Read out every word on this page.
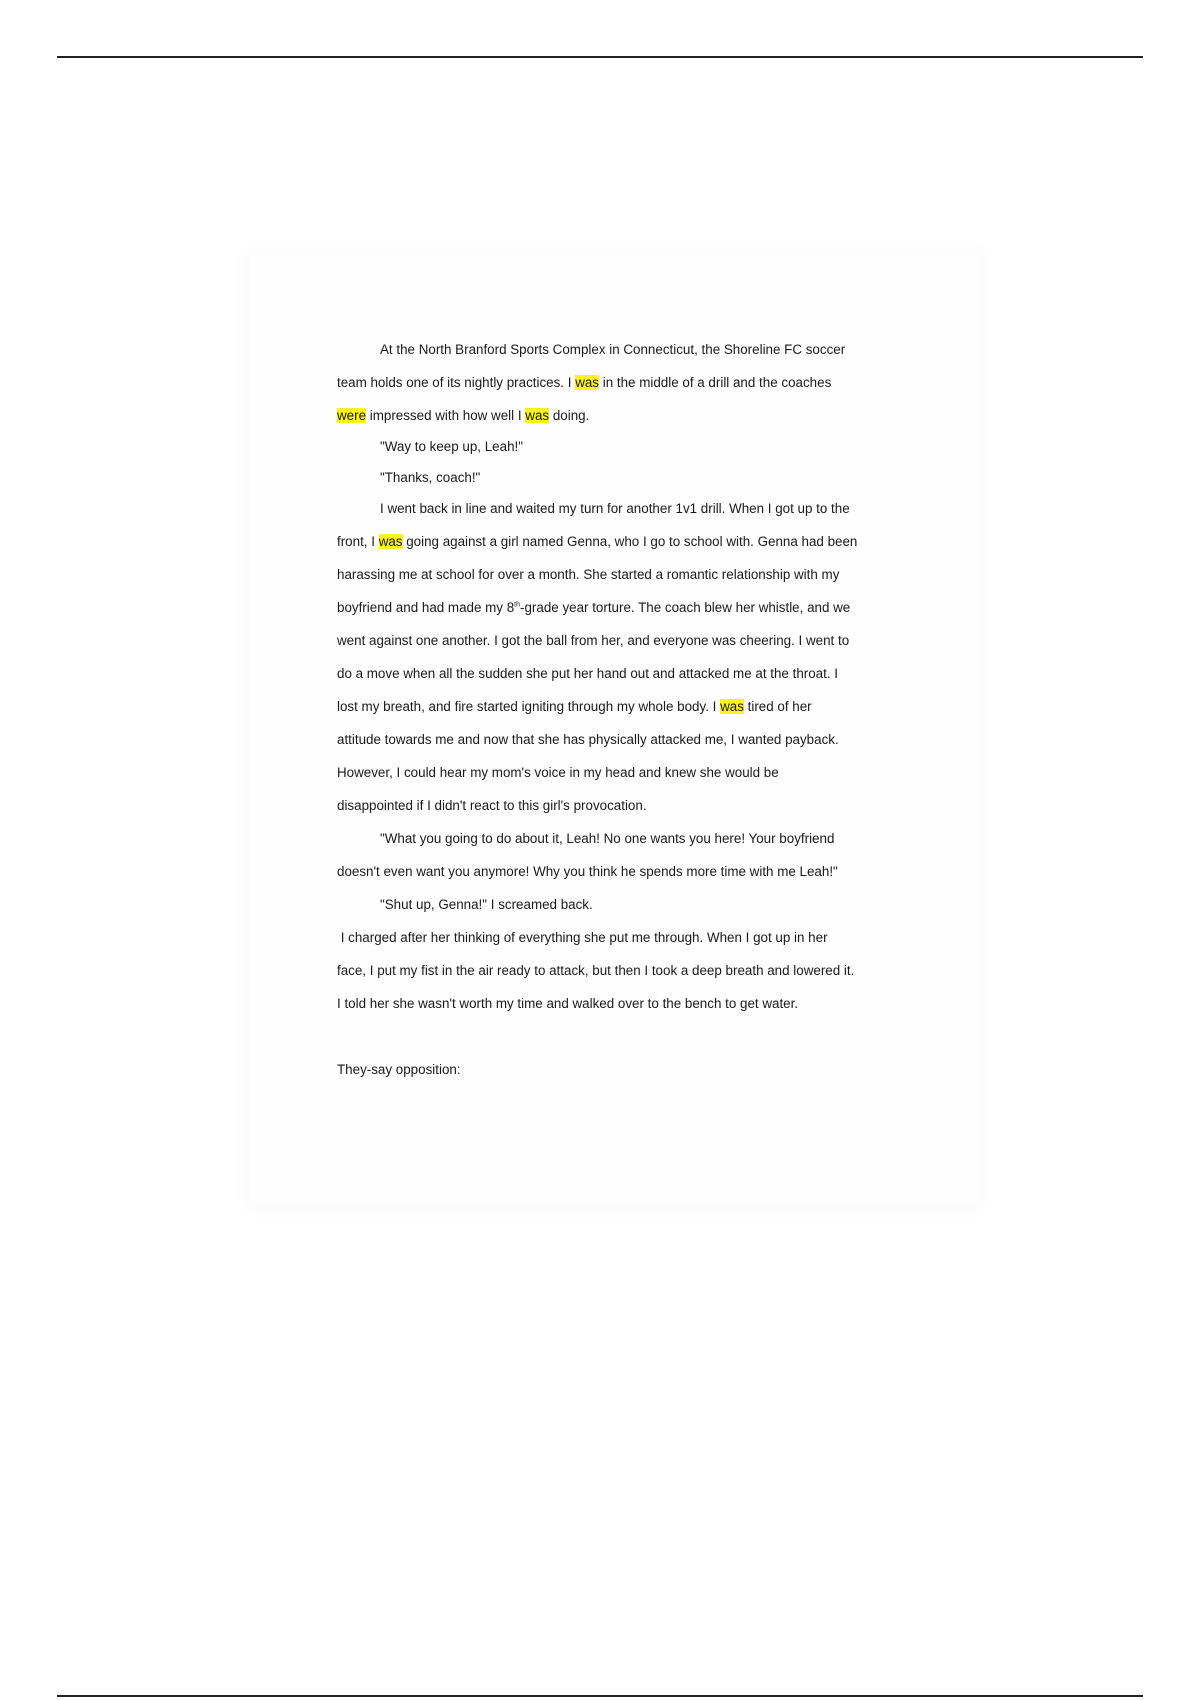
At the North Branford Sports Complex in Connecticut, the Shoreline FC soccer
team holds one of its nightly practices. I was in the middle of a drill and the coaches
were impressed with how well I was doing.
"Way to keep up, Leah!"
"Thanks, coach!"
I went back in line and waited my turn for another 1v1 drill. When I got up to the
front, I was going against a girl named Genna, who I go to school with. Genna had been
harassing me at school for over a month. She started a romantic relationship with my
boyfriend and had made my 8th-grade year torture. The coach blew her whistle, and we
went against one another. I got the ball from her, and everyone was cheering. I went to
do a move when all the sudden she put her hand out and attacked me at the throat. I
lost my breath, and fire started igniting through my whole body. I was tired of her
attitude towards me and now that she has physically attacked me, I wanted payback.
However, I could hear my mom's voice in my head and knew she would be
disappointed if I didn't react to this girl's provocation.
"What you going to do about it, Leah! No one wants you here! Your boyfriend
doesn't even want you anymore! Why you think he spends more time with me Leah!"
"Shut up, Genna!" I screamed back.
I charged after her thinking of everything she put me through. When I got up in her
face, I put my fist in the air ready to attack, but then I took a deep breath and lowered it.
I told her she wasn't worth my time and walked over to the bench to get water.
They-say opposition:
